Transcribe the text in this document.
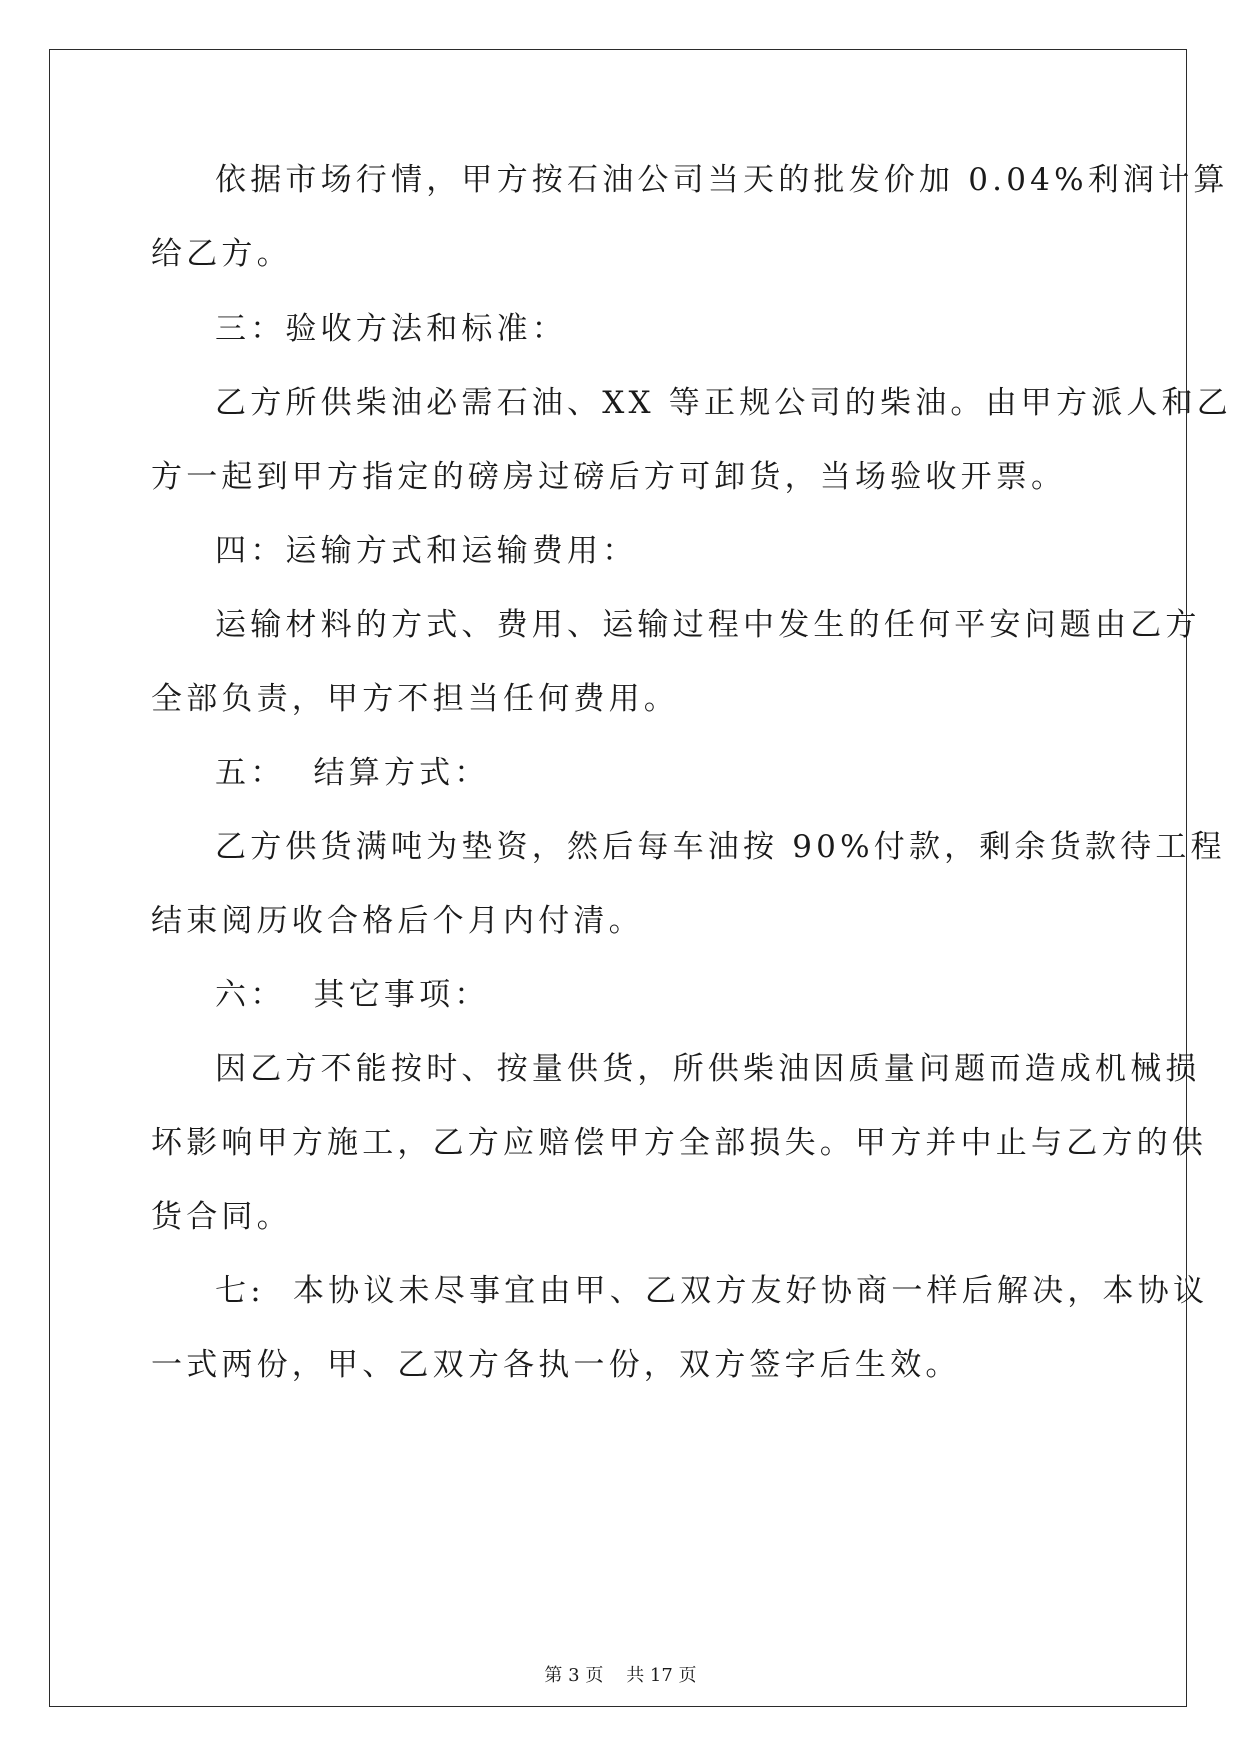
依据市场行情，甲方按石油公司当天的批发价加 0.04%利润计算
给乙方。
三：验收方法和标准：
乙方所供柴油必需石油、XX 等正规公司的柴油。由甲方派人和乙
方一起到甲方指定的磅房过磅后方可卸货，当场验收开票。
四：运输方式和运输费用：
运输材料的方式、费用、运输过程中发生的任何平安问题由乙方
全部负责，甲方不担当任何费用。
五：  结算方式：
乙方供货满吨为垫资，然后每车油按 90%付款，剩余货款待工程
结束阅历收合格后个月内付清。
六：  其它事项：
因乙方不能按时、按量供货，所供柴油因质量问题而造成机械损
坏影响甲方施工，乙方应赔偿甲方全部损失。甲方并中止与乙方的供
货合同。
七:  本协议未尽事宜由甲、乙双方友好协商一样后解决，本协议
一式两份，甲、乙双方各执一份，双方签字后生效。
第 3 页    共 17 页
